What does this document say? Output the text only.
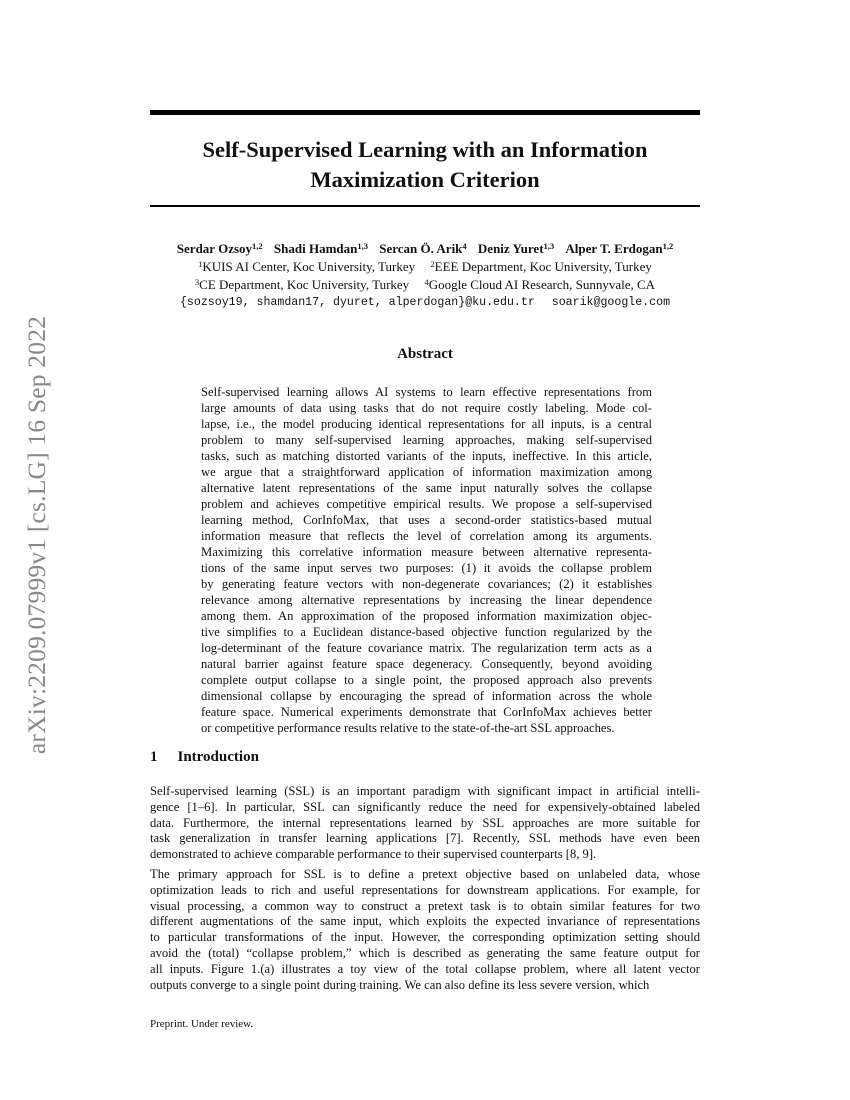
arXiv:2209.07999v1 [cs.LG] 16 Sep 2022
Self-Supervised Learning with an Information
Maximization Criterion
Serdar Ozsoy$^{1,2}$ Shadi Hamdan$^{1,3}$ Sercan Ö. Arik$^4$ Deniz Yuret$^{1,3}$ Alper T. Erdogan$^{1,2}$
$^1$KUIS AI Center, Koc University, Turkey $^2$EEE Department, Koc University, Turkey
$^3$CE Department, Koc University, Turkey $^4$Google Cloud AI Research, Sunnyvale, CA
{sozsoy19, shamdan17, dyuret, alperdogan}@ku.edu.tr soarik@google.com
Abstract
Self-supervised learning allows AI systems to learn effective representations from
large amounts of data using tasks that do not require costly labeling. Mode col-
lapse, i.e., the model producing identical representations for all inputs, is a central
problem to many self-supervised learning approaches, making self-supervised
tasks, such as matching distorted variants of the inputs, ineffective. In this article,
we argue that a straightforward application of information maximization among
alternative latent representations of the same input naturally solves the collapse
problem and achieves competitive empirical results. We propose a self-supervised
learning method, CorInfoMax, that uses a second-order statistics-based mutual
information measure that reflects the level of correlation among its arguments.
Maximizing this correlative information measure between alternative representa-
tions of the same input serves two purposes: (1) it avoids the collapse problem
by generating feature vectors with non-degenerate covariances; (2) it establishes
relevance among alternative representations by increasing the linear dependence
among them. An approximation of the proposed information maximization objec-
tive simplifies to a Euclidean distance-based objective function regularized by the
log-determinant of the feature covariance matrix. The regularization term acts as a
natural barrier against feature space degeneracy. Consequently, beyond avoiding
complete output collapse to a single point, the proposed approach also prevents
dimensional collapse by encouraging the spread of information across the whole
feature space. Numerical experiments demonstrate that CorInfoMax achieves better
or competitive performance results relative to the state-of-the-art SSL approaches.
1 Introduction
Self-supervised learning (SSL) is an important paradigm with significant impact in artificial intelli-
gence [1–6]. In particular, SSL can significantly reduce the need for expensively-obtained labeled
data. Furthermore, the internal representations learned by SSL approaches are more suitable for
task generalization in transfer learning applications [7]. Recently, SSL methods have even been
demonstrated to achieve comparable performance to their supervised counterparts [8, 9].
The primary approach for SSL is to define a pretext objective based on unlabeled data, whose
optimization leads to rich and useful representations for downstream applications. For example, for
visual processing, a common way to construct a pretext task is to obtain similar features for two
different augmentations of the same input, which exploits the expected invariance of representations
to particular transformations of the input. However, the corresponding optimization setting should
avoid the (total) “collapse problem,” which is described as generating the same feature output for
all inputs. Figure 1.(a) illustrates a toy view of the total collapse problem, where all latent vector
outputs converge to a single point during training. We can also define its less severe version, which
Preprint. Under review.
